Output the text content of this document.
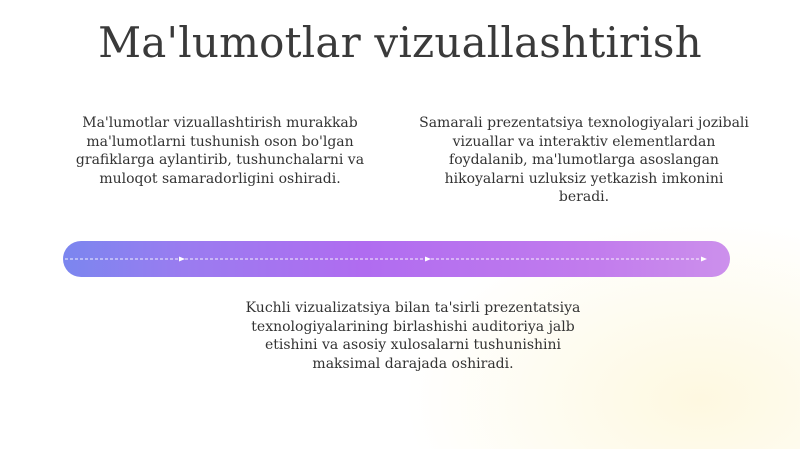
Ma'lumotlar vizuallashtirish

Ma'lumotlar vizuallashtirish murakkab ma'lumotlarni tushunish oson bo'lgan grafiklarga aylantirib, tushunchalarni va muloqot samaradorligini oshiradi.

Samarali prezentatsiya texnologiyalari jozibali vizuallar va interaktiv elementlardan foydalanib, ma'lumotlarga asoslangan hikoyalarni uzluksiz yetkazish imkonini beradi.

Kuchli vizualizatsiya bilan ta'sirli prezentatsiya texnologiyalarining birlashishi auditoriya jalb etishini va asosiy xulosalarni tushunishini maksimal darajada oshiradi.
